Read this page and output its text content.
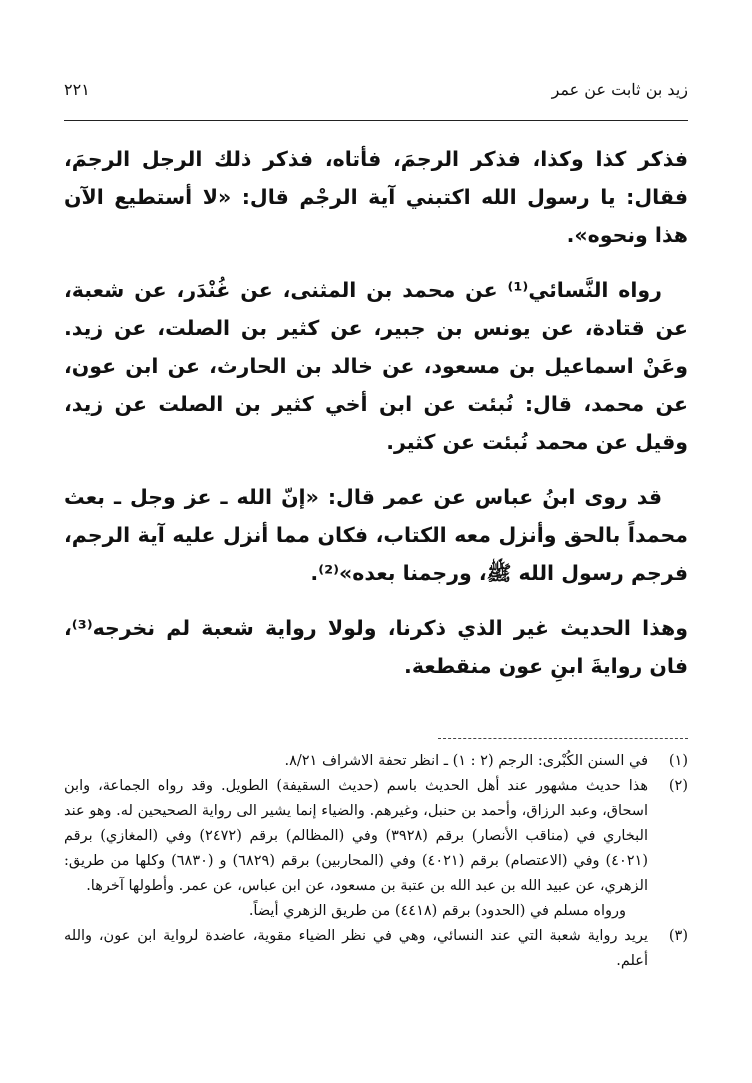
زيد بن ثابت عن عمر
٢٢١

فذكر كذا وكذا، فذكر الرجمَ، فأتاه، فذكر ذلك الرجل الرجمَ، فقال: يا رسول الله اكتبني آية الرجْم قال: «لا أستطيع الآن هذا ونحوه».

رواه النَّسائي⁽¹⁾ عن محمد بن المثنى، عن غُنْدَر، عن شعبة، عن قتادة، عن يونس بن جبير، عن كثير بن الصلت، عن زيد. وعَنْ اسماعيل بن مسعود، عن خالد بن الحارث، عن ابن عون، عن محمد، قال: نُبئت عن ابن أخي كثير بن الصلت عن زيد، وقيل عن محمد نُبئت عن كثير.

قد روى ابنُ عباس عن عمر قال: «إنّ الله ـ عز وجل ـ بعث محمداً بالحق وأنزل معه الكتاب، فكان مما أنزل عليه آية الرجم، فرجم رسول الله ﷺ، ورجمنا بعده»⁽²⁾.

وهذا الحديث غير الذي ذكرنا، ولولا رواية شعبة لم نخرجه⁽³⁾، فان روايةَ ابنِ عون منقطعة.

(١)
في السنن الكُبْرى: الرجم (٢ : ١) ـ انظر تحفة الاشراف ٨/٢١.
(٢)
هذا حديث مشهور عند أهل الحديث باسم (حديث السقيفة) الطويل. وقد رواه الجماعة، وابن اسحاق، وعبد الرزاق، وأحمد بن حنبل، وغيرهم. والضياء إنما يشير الى رواية الصحيحين له. وهو عند البخاري في (مناقب الأنصار) برقم (٣٩٢٨) وفي (المظالم) برقم (٢٤٧٢) وفي (المغازي) برقم (٤٠٢١) وفي (الاعتصام) برقم (٤٠٢١) وفي (المحاربين) برقم (٦٨٢٩) و (٦٨٣٠) وكلها من طريق: الزهري، عن عبيد الله بن عبد الله بن عتبة بن مسعود، عن ابن عباس، عن عمر. وأطولها آخرها.
ورواه مسلم في (الحدود) برقم (٤٤١٨) من طريق الزهري أيضاً.
(٣)
يريد رواية شعبة التي عند النسائي، وهي في نظر الضياء مقوية، عاضدة لرواية ابن عون، والله أعلم.
